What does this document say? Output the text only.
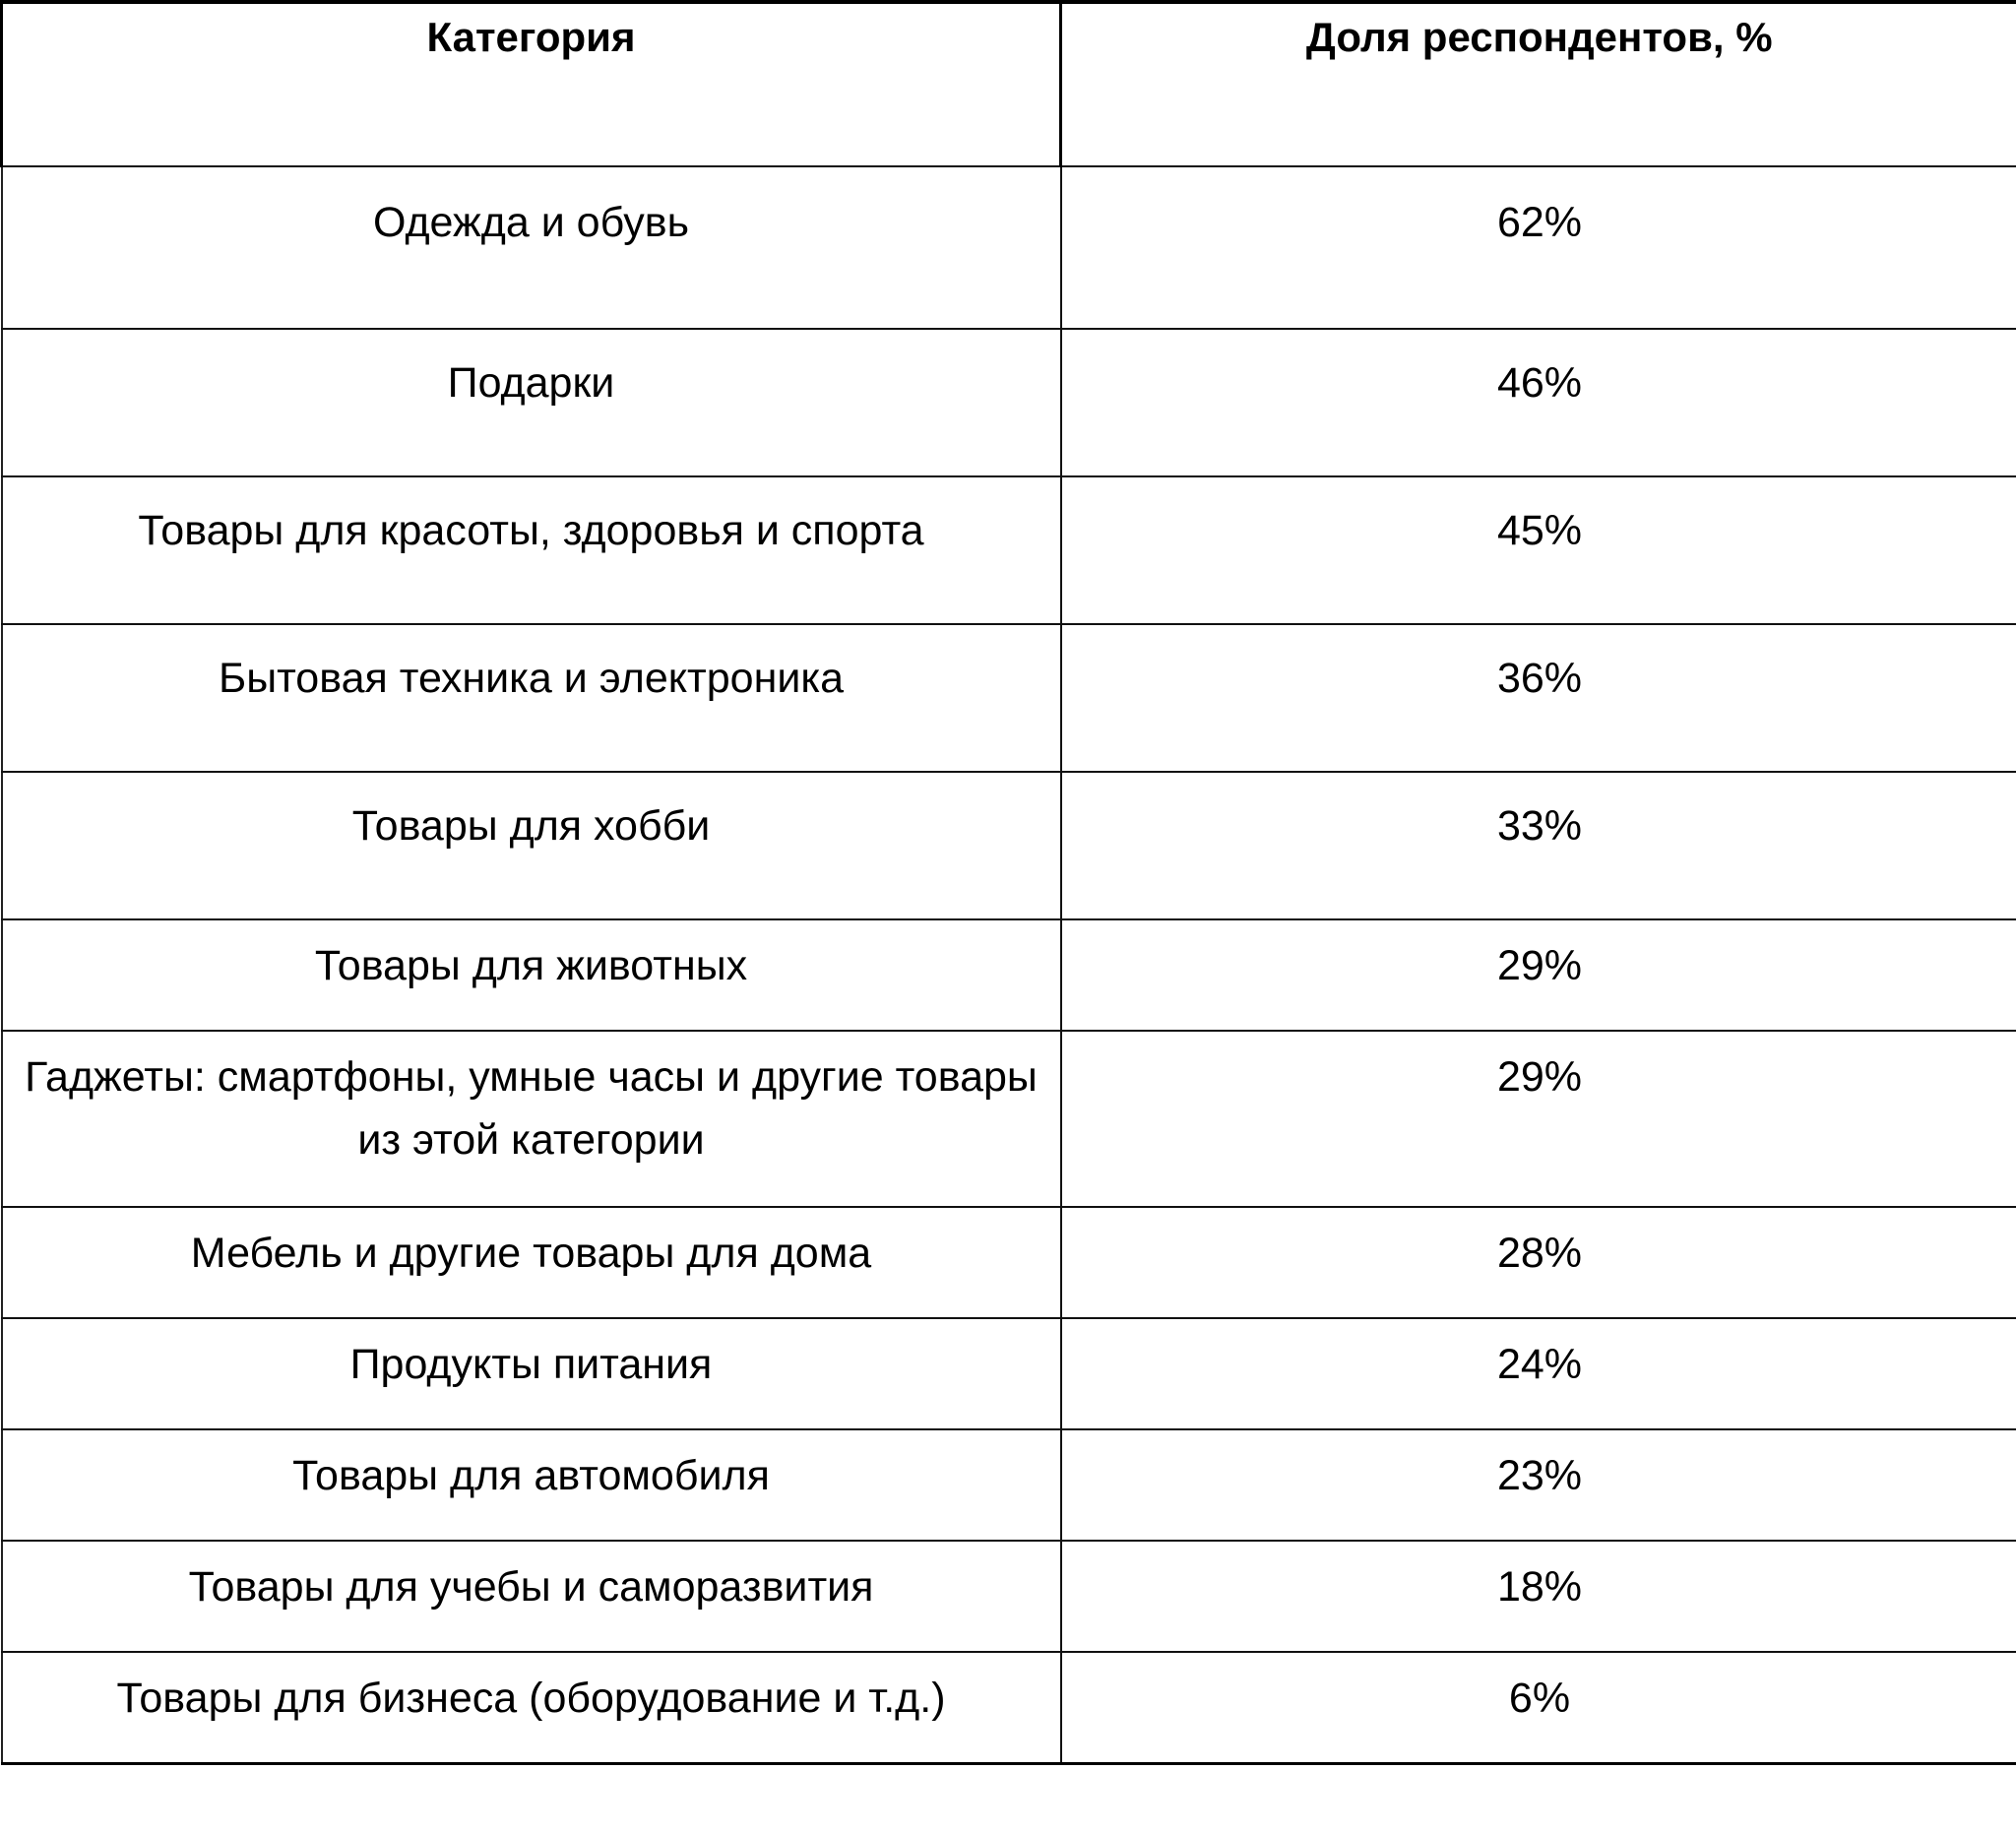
Категория	Доля респондентов, %
Одежда и обувь	62%
Подарки	46%
Товары для красоты, здоровья и спорта	45%
Бытовая техника и электроника	36%
Товары для хобби	33%
Товары для животных	29%
Гаджеты: смартфоны, умные часы и другие товары из этой категории	29%
Мебель и другие товары для дома	28%
Продукты питания	24%
Товары для автомобиля	23%
Товары для учебы и саморазвития	18%
Товары для бизнеса (оборудование и т.д.)	6%
